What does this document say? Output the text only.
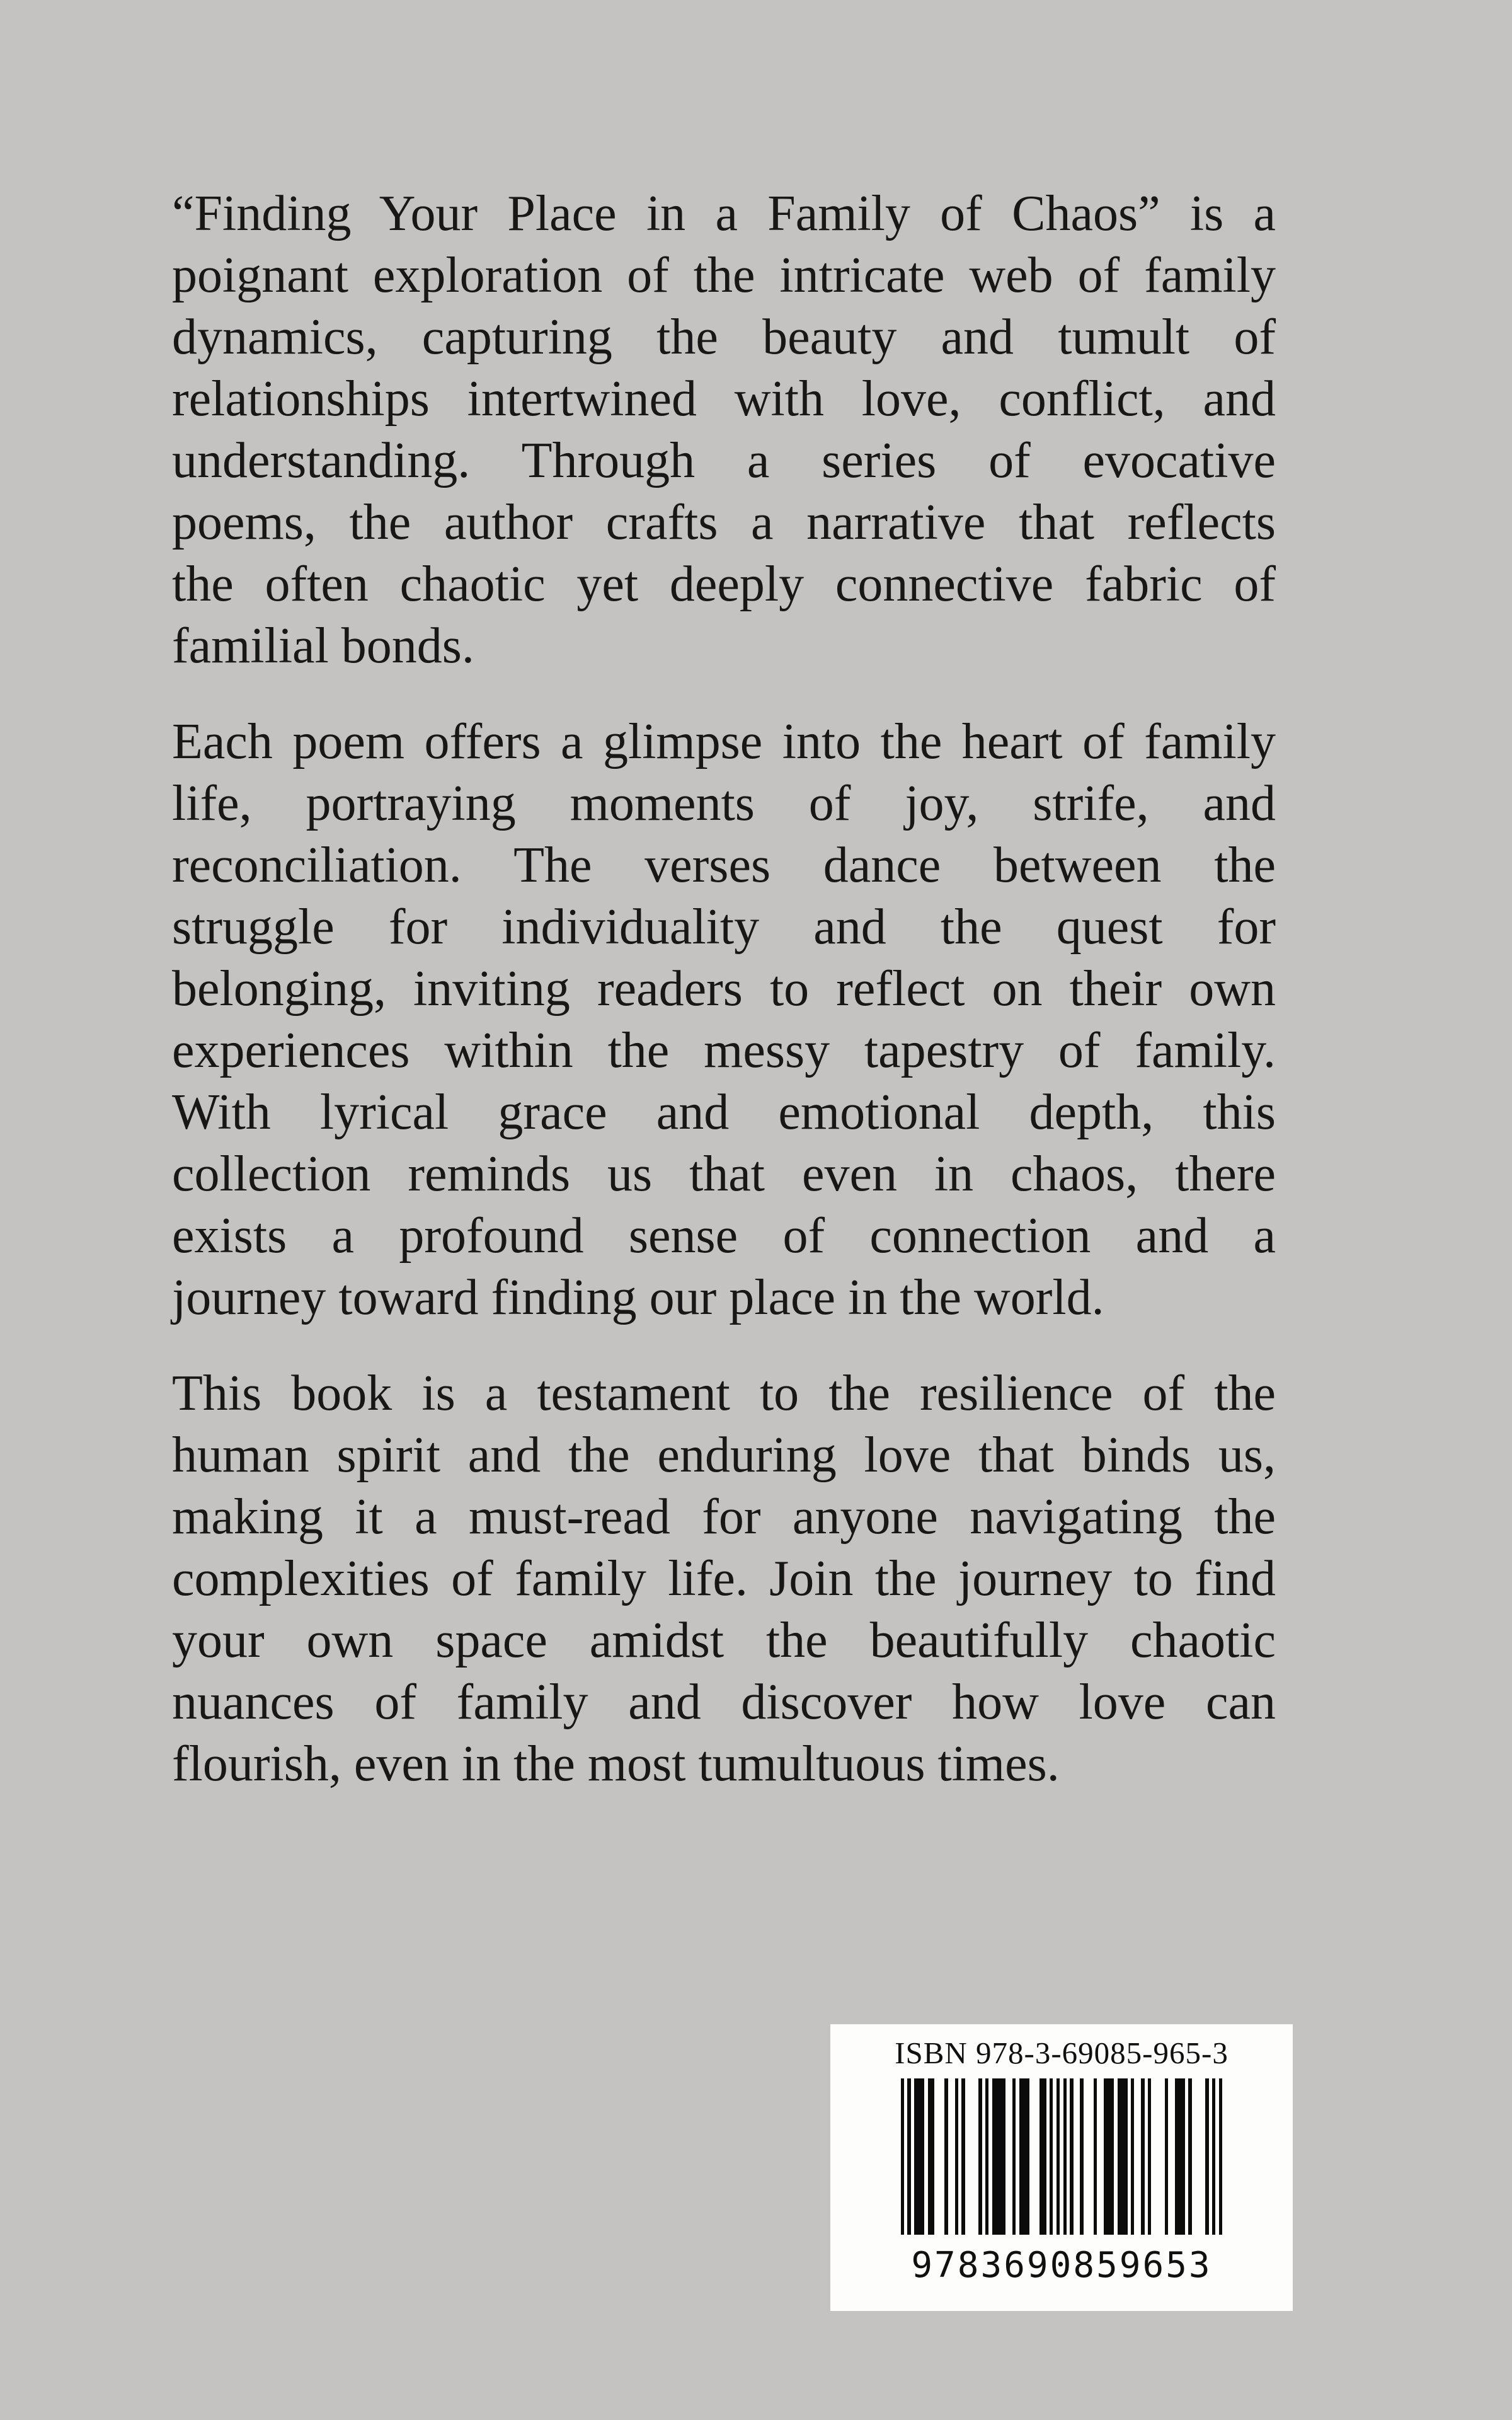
“Finding Your Place in a Family of Chaos” is a
poignant exploration of the intricate web of family
dynamics, capturing the beauty and tumult of
relationships intertwined with love, conflict, and
understanding. Through a series of evocative
poems, the author crafts a narrative that reflects
the often chaotic yet deeply connective fabric of
familial bonds.

Each poem offers a glimpse into the heart of family
life, portraying moments of joy, strife, and
reconciliation. The verses dance between the
struggle for individuality and the quest for
belonging, inviting readers to reflect on their own
experiences within the messy tapestry of family.
With lyrical grace and emotional depth, this
collection reminds us that even in chaos, there
exists a profound sense of connection and a
journey toward finding our place in the world.

This book is a testament to the resilience of the
human spirit and the enduring love that binds us,
making it a must-read for anyone navigating the
complexities of family life. Join the journey to find
your own space amidst the beautifully chaotic
nuances of family and discover how love can
flourish, even in the most tumultuous times.

ISBN 978-3-69085-965-3
9783690859653
